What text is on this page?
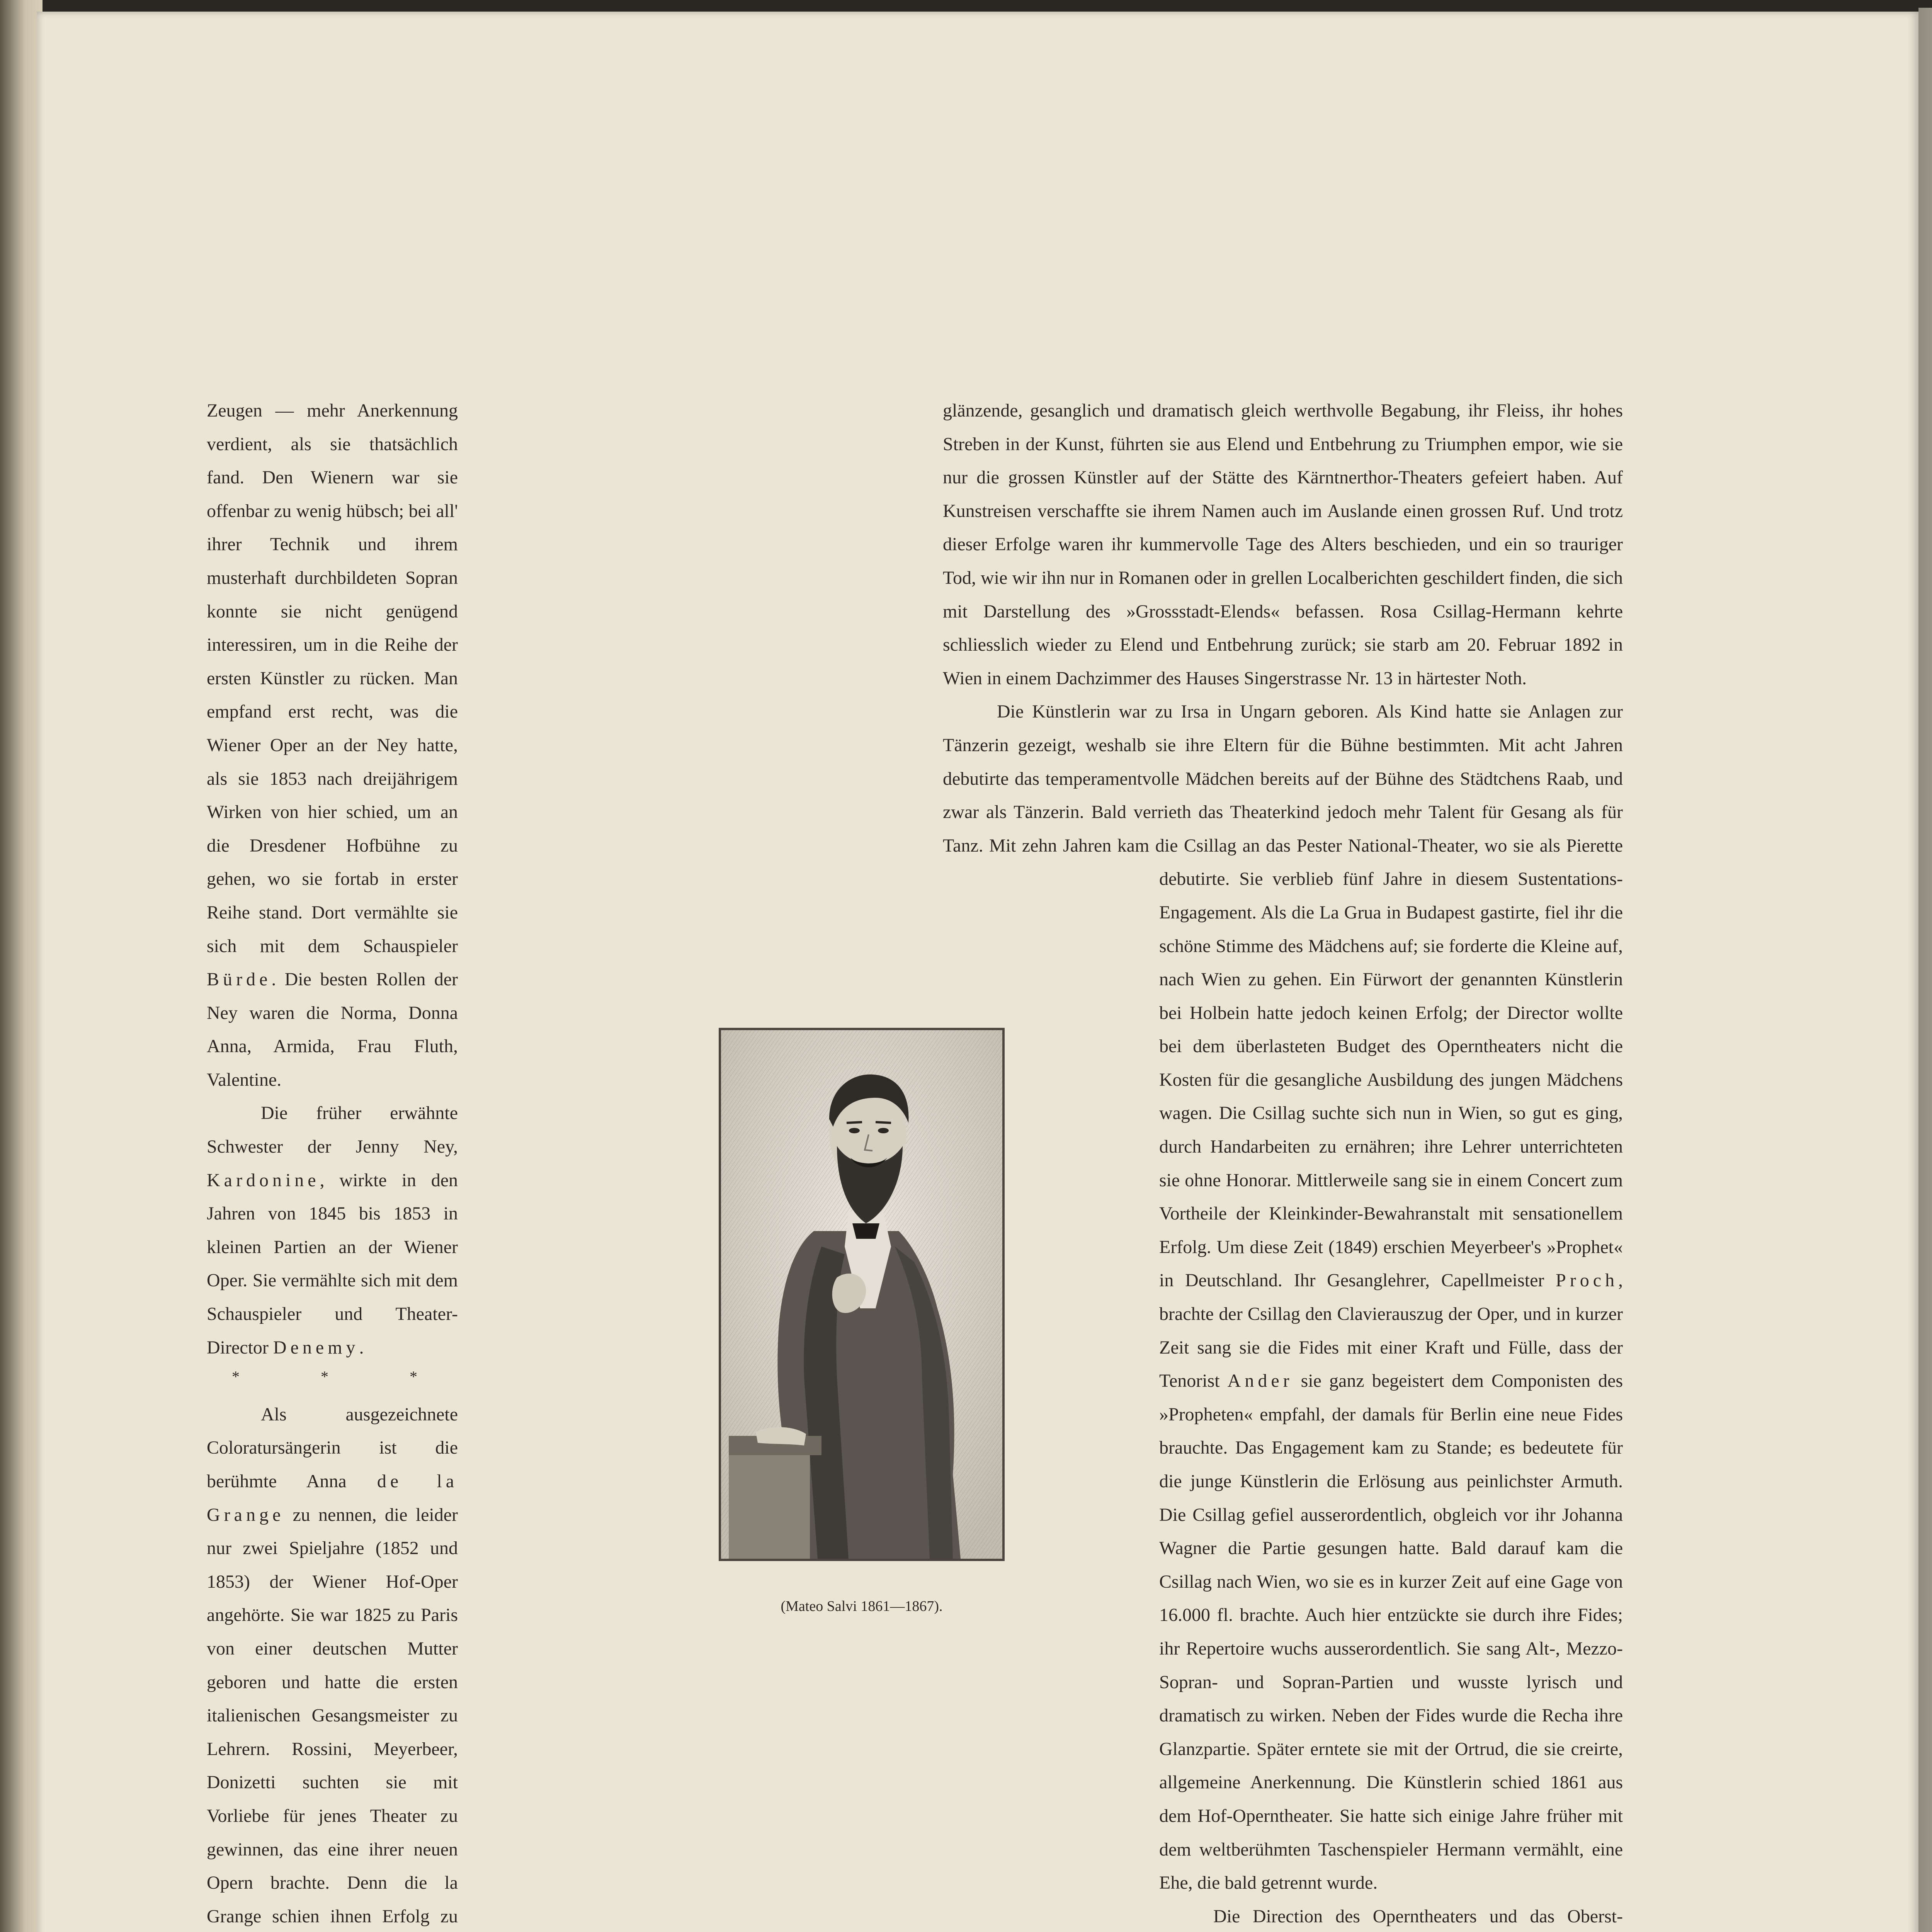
Zeugen — mehr Anerkennung verdient, als sie thatsächlich fand. Den Wienern war sie offenbar zu wenig hübsch; bei all' ihrer Technik und ihrem musterhaft durchbildeten Sopran konnte sie nicht genügend interessiren, um in die Reihe der ersten Künstler zu rücken. Man empfand erst recht, was die Wiener Oper an der Ney hatte, als sie 1853 nach dreijährigem Wirken von hier schied, um an die Dresdener Hofbühne zu gehen, wo sie fortab in erster Reihe stand. Dort vermählte sie sich mit dem Schauspieler Bürde. Die besten Rollen der Ney waren die Norma, Donna Anna, Armida, Frau Fluth, Valentine.

Die früher erwähnte Schwester der Jenny Ney, Kardonine, wirkte in den Jahren von 1845 bis 1853 in kleinen Partien an der Wiener Oper. Sie vermählte sich mit dem Schauspieler und Theater-Director Denemy.

* * *

Als ausgezeichnete Coloratursängerin ist die berühmte Anna de la Grange zu nennen, die leider nur zwei Spieljahre (1852 und 1853) der Wiener Hof-Oper angehörte. Sie war 1825 zu Paris von einer deutschen Mutter geboren und hatte die ersten italienischen Gesangsmeister zu Lehrern. Rossini, Meyerbeer, Donizetti suchten sie mit Vorliebe für jenes Theater zu gewinnen, das eine ihrer neuen Opern brachte. Denn die la Grange schien ihnen Erfolg zu

glänzende, gesanglich und dramatisch gleich werthvolle Begabung, ihr Fleiss, ihr hohes Streben in der Kunst, führten sie aus Elend und Entbehrung zu Triumphen empor, wie sie nur die grossen Künstler auf der Stätte des Kärntnerthor-Theaters gefeiert haben. Auf Kunstreisen verschaffte sie ihrem Namen auch im Auslande einen grossen Ruf. Und trotz dieser Erfolge waren ihr kummervolle Tage des Alters beschieden, und ein so trauriger Tod, wie wir ihn nur in Romanen oder in grellen Localberichten geschildert finden, die sich mit Darstellung des »Grossstadt-Elends« befassen. Rosa Csillag-Hermann kehrte schliesslich wieder zu Elend und Entbehrung zurück; sie starb am 20. Februar 1892 in Wien in einem Dachzimmer des Hauses Singerstrasse Nr. 13 in härtester Noth.

Die Künstlerin war zu Irsa in Ungarn geboren. Als Kind hatte sie Anlagen zur Tänzerin gezeigt, weshalb sie ihre Eltern für die Bühne bestimmten. Mit acht Jahren debutirte das temperamentvolle Mädchen bereits auf der Bühne des Städtchens Raab, und zwar als Tänzerin. Bald verrieth das Theaterkind jedoch mehr Talent für Gesang als für Tanz. Mit zehn Jahren kam die Csillag an das Pester National-Theater, wo sie als Pierette debutirte. Sie verblieb fünf Jahre in diesem Sustentations-Engagement. Als die La Grua in Budapest gastirte, fiel ihr die schöne Stimme des Mädchens auf; sie forderte die Kleine auf, nach Wien zu gehen. Ein Fürwort der genannten Künstlerin bei Holbein hatte jedoch keinen Erfolg; der Director wollte bei dem überlasteten Budget des Operntheaters nicht die Kosten für die gesangliche Ausbildung des jungen Mädchens wagen. Die Csillag suchte sich nun in Wien, so gut es ging, durch Handarbeiten zu ernähren; ihre Lehrer unterrichteten sie ohne Honorar. Mittlerweile sang sie in einem Concert zum Vortheile der Kleinkinder-Bewahranstalt mit sensationellem Erfolg. Um diese Zeit (1849) erschien Meyerbeer's »Prophet« in Deutschland. Ihr Gesanglehrer, Capellmeister Proch, brachte der Csillag den Clavierauszug der Oper, und in kurzer Zeit sang sie die Fides mit einer Kraft und Fülle, dass der Tenorist Ander sie ganz begeistert dem Componisten des »Propheten« empfahl, der damals für Berlin eine neue Fides brauchte. Das Engagement kam zu Stande; es bedeutete für die junge Künstlerin die Erlösung aus peinlichster Armuth. Die Csillag gefiel ausserordentlich, obgleich vor ihr Johanna Wagner die Partie gesungen hatte. Bald darauf kam die Csillag nach Wien, wo sie es in kurzer Zeit auf eine Gage von 16.000 fl. brachte. Auch hier entzückte sie durch ihre Fides; ihr Repertoire wuchs ausserordentlich. Sie sang Alt-, Mezzo-Sopran- und Sopran-Partien und wusste lyrisch und dramatisch zu wirken. Neben der Fides wurde die Recha ihre Glanzpartie. Später erntete sie mit der Ortrud, die sie creirte, allgemeine Anerkennung. Die Künstlerin schied 1861 aus dem Hof-Operntheater. Sie hatte sich einige Jahre früher mit dem weltberühmten Taschenspieler Hermann vermählt, eine Ehe, die bald getrennt wurde.

Die Direction des Operntheaters und das Oberst-

(Mateo Salvi 1861—1867).
